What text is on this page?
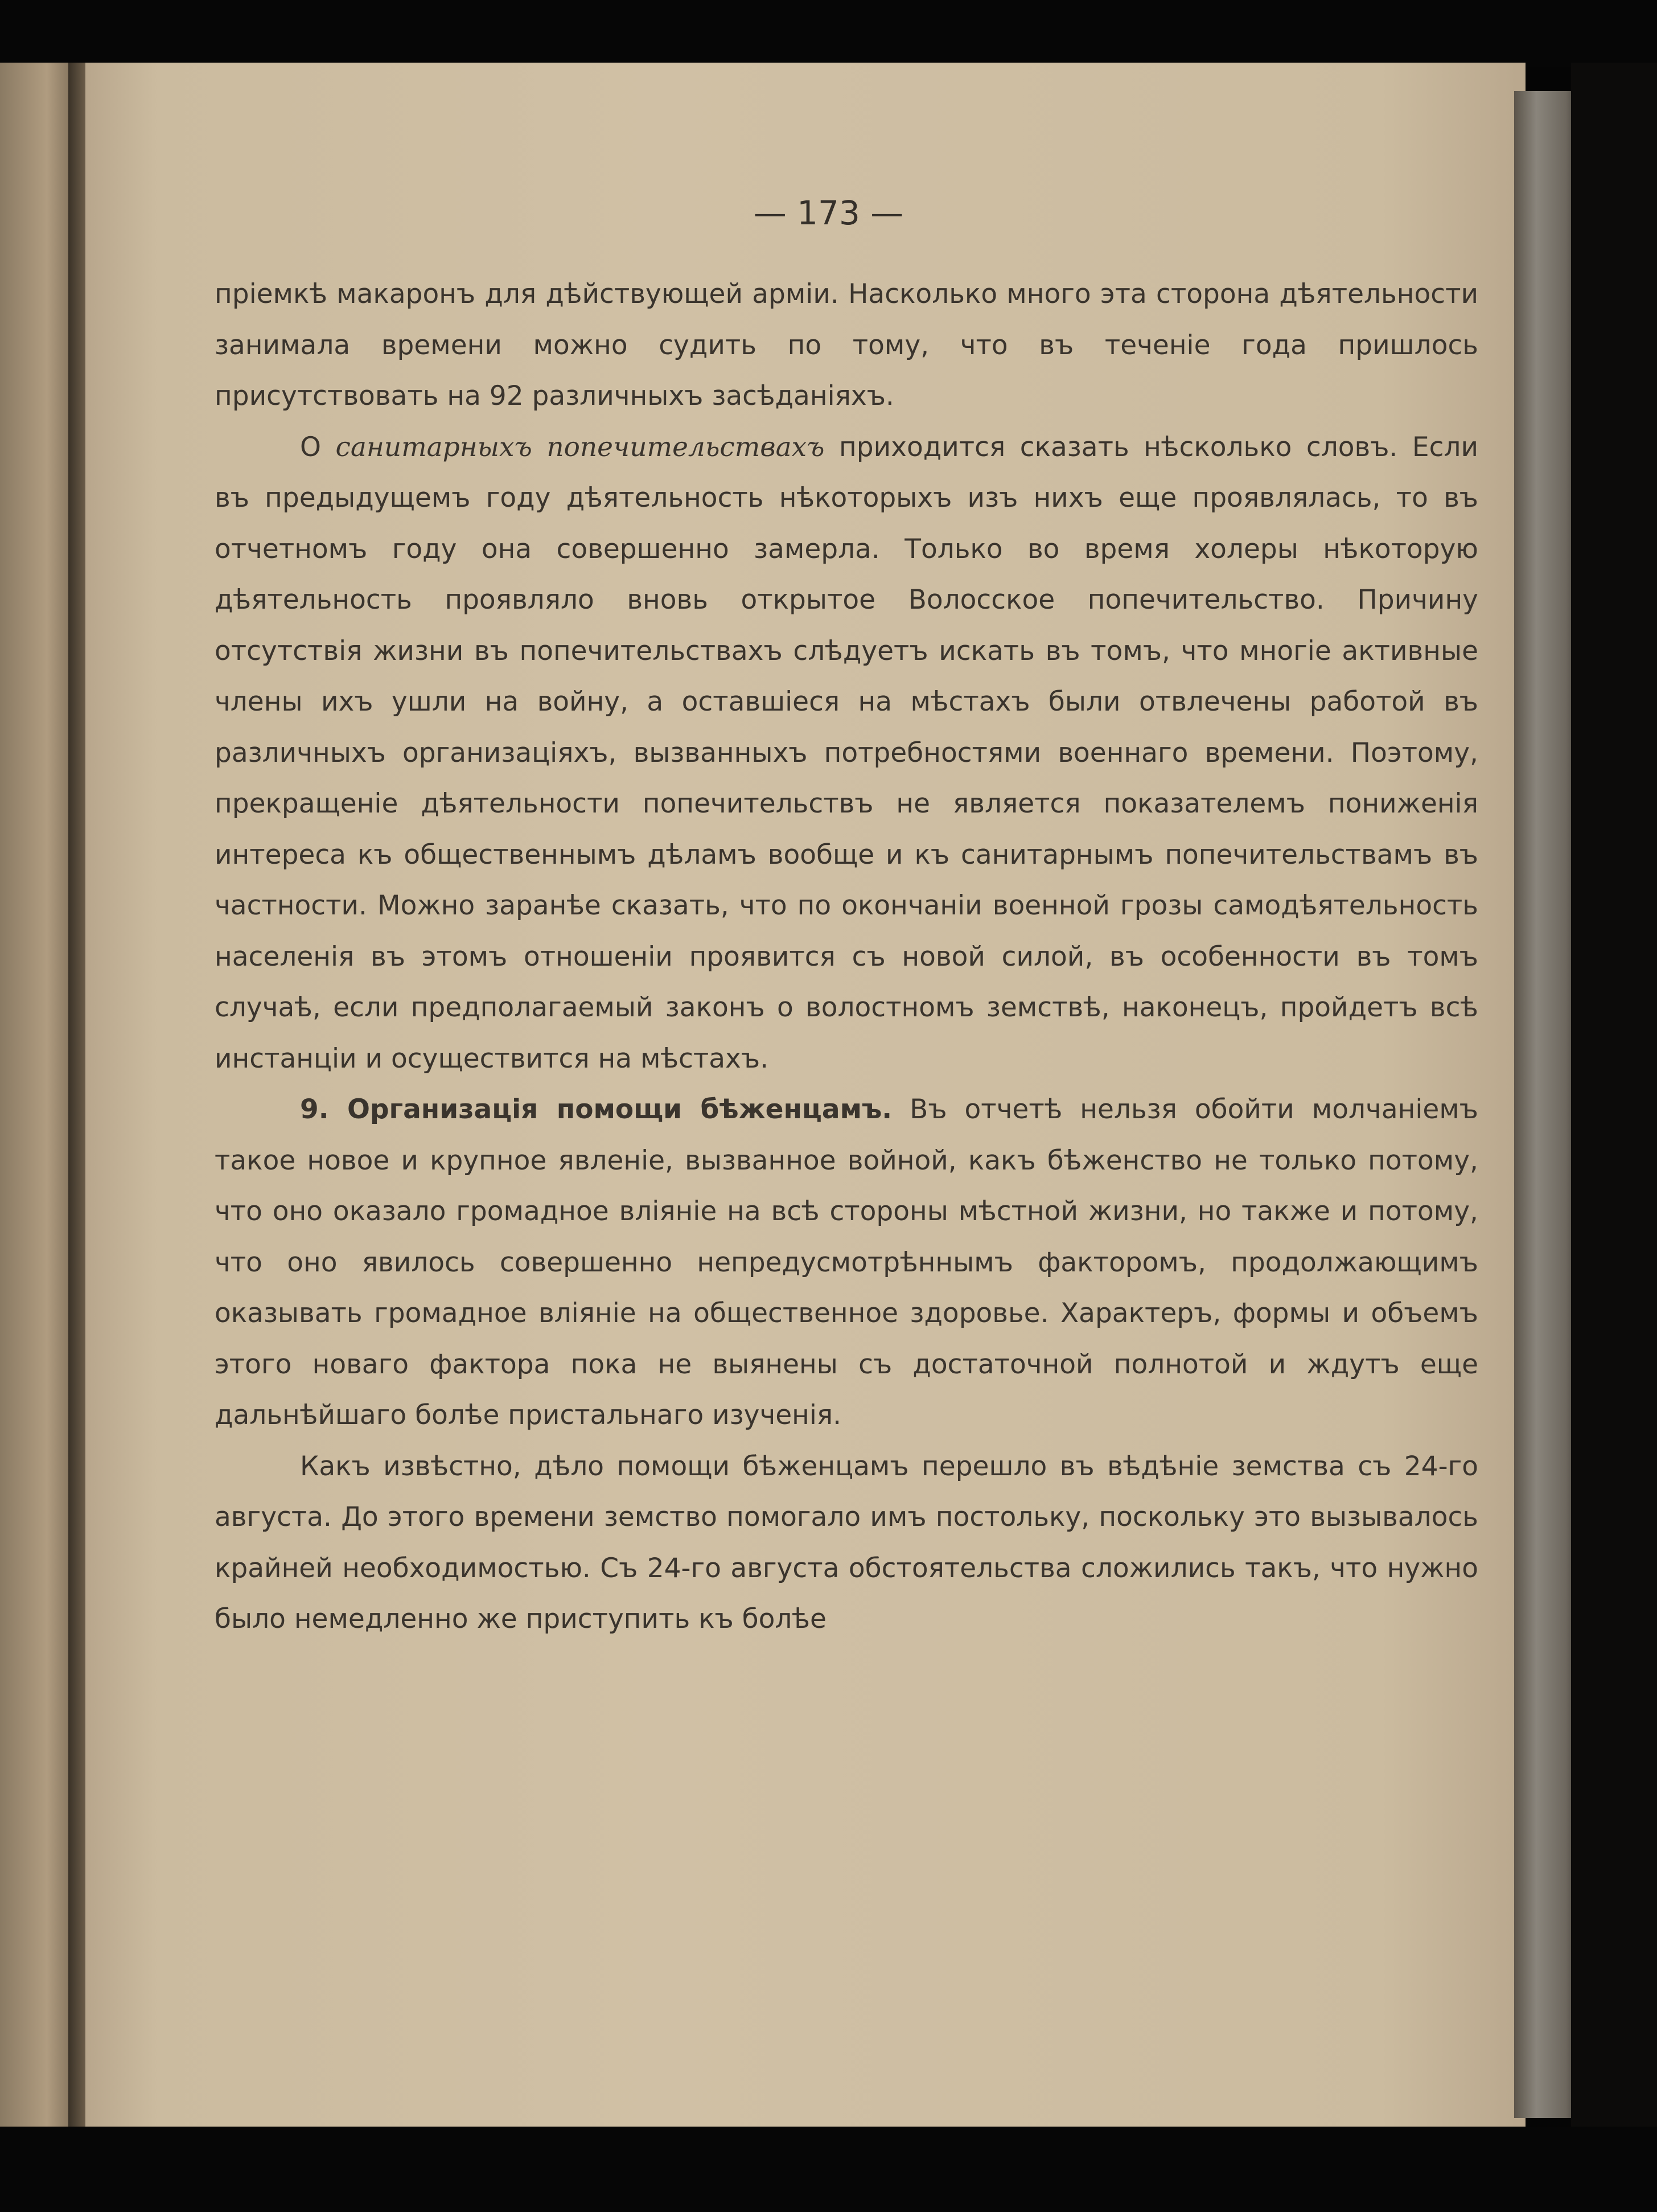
— 173 —

пріемкѣ макаронъ для дѣйствующей арміи. Насколько много эта сторона дѣятельности занимала времени можно судить по тому, что въ теченіе года пришлось присутствовать на 92 различныхъ засѣданіяхъ.

О санитарныхъ попечительствахъ приходится сказать нѣсколько словъ. Если въ предыдущемъ году дѣятельность нѣкоторыхъ изъ нихъ еще проявлялась, то въ отчетномъ году она совершенно замерла. Только во время холеры нѣкоторую дѣятельность проявляло вновь открытое Волосское попечительство. Причину отсутствія жизни въ попечительствахъ слѣдуетъ искать въ томъ, что многіе активные члены ихъ ушли на войну, а оставшіеся на мѣстахъ были отвлечены работой въ различныхъ организаціяхъ, вызванныхъ потребностями военнаго времени. Поэтому, прекращеніе дѣятельности попечительствъ не является показателемъ пониженія интереса къ общественнымъ дѣламъ вообще и къ санитарнымъ попечительствамъ въ частности. Можно заранѣе сказать, что по окончаніи военной грозы самодѣятельность населенія въ этомъ отношеніи проявится съ новой силой, въ особенности въ томъ случаѣ, если предполагаемый законъ о волостномъ земствѣ, наконецъ, пройдетъ всѣ инстанціи и осуществится на мѣстахъ.

9. Организація помощи бѣженцамъ. Въ отчетѣ нельзя обойти молчаніемъ такое новое и крупное явленіе, вызванное войной, какъ бѣженство не только потому, что оно оказало громадное вліяніе на всѣ стороны мѣстной жизни, но также и потому, что оно явилось совершенно непредусмотрѣннымъ факторомъ, продолжающимъ оказывать громадное вліяніе на общественное здоровье. Характеръ, формы и объемъ этого новаго фактора пока не выянены съ достаточной полнотой и ждутъ еще дальнѣйшаго болѣе пристальнаго изученія.

Какъ извѣстно, дѣло помощи бѣженцамъ перешло въ вѣдѣніе земства съ 24-го августа. До этого времени земство помогало имъ постольку, поскольку это вызывалось крайней необходимостью. Съ 24-го августа обстоятельства сложились такъ, что нужно было немедленно же приступить къ болѣе
